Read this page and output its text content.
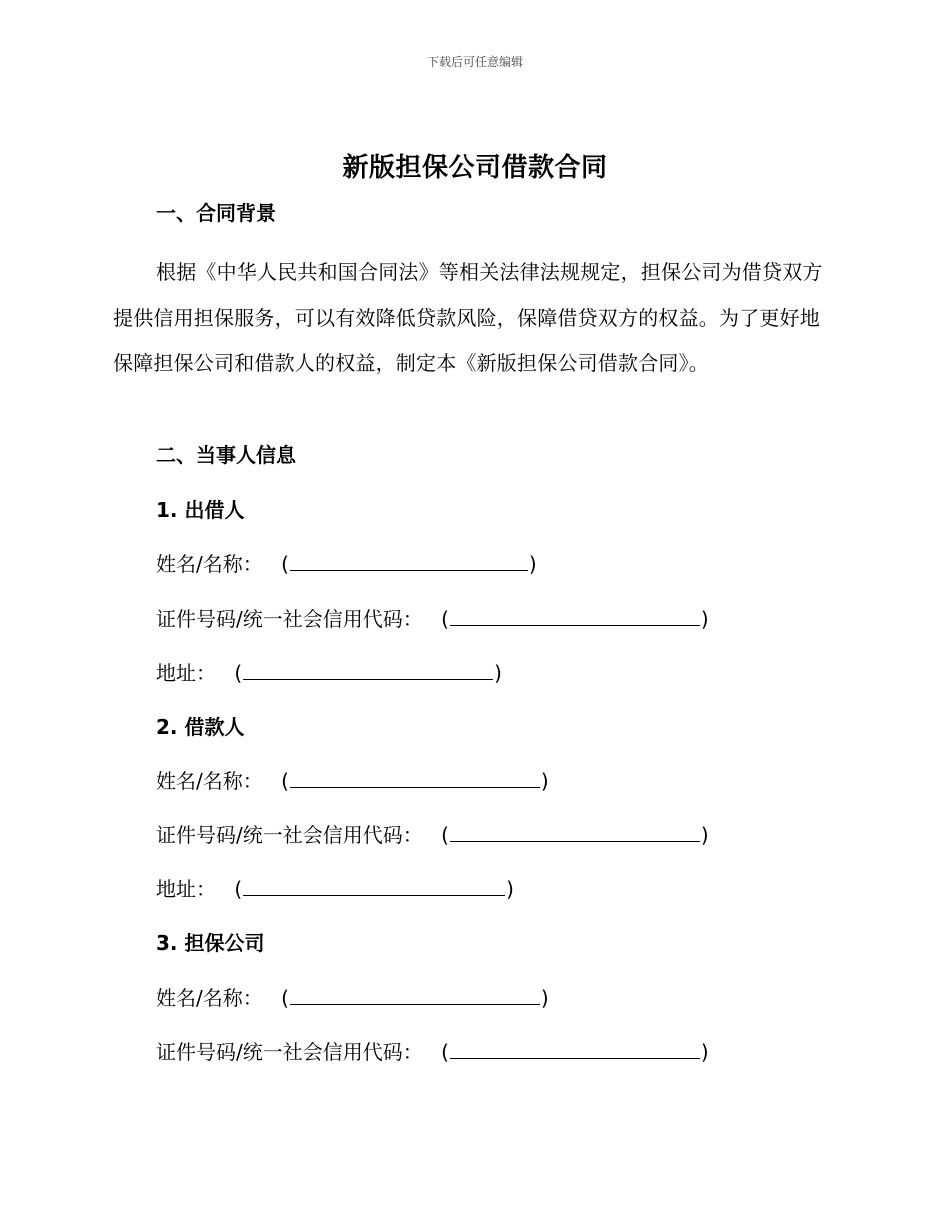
下载后可任意编辑
新版担保公司借款合同
一、合同背景
根据《中华人民共和国合同法》等相关法律法规规定，担保公司为借贷双方提供信用担保服务，可以有效降低贷款风险，保障借贷双方的权益。为了更好地保障担保公司和借款人的权益，制定本《新版担保公司借款合同》。
二、当事人信息
1. 出借人
姓名/名称： (	)
证件号码/统一社会信用代码： (	)
地址： (	)
2. 借款人
姓名/名称： (	)
证件号码/统一社会信用代码： (	)
地址： (	)
3. 担保公司
姓名/名称： (	)
证件号码/统一社会信用代码： (	)
